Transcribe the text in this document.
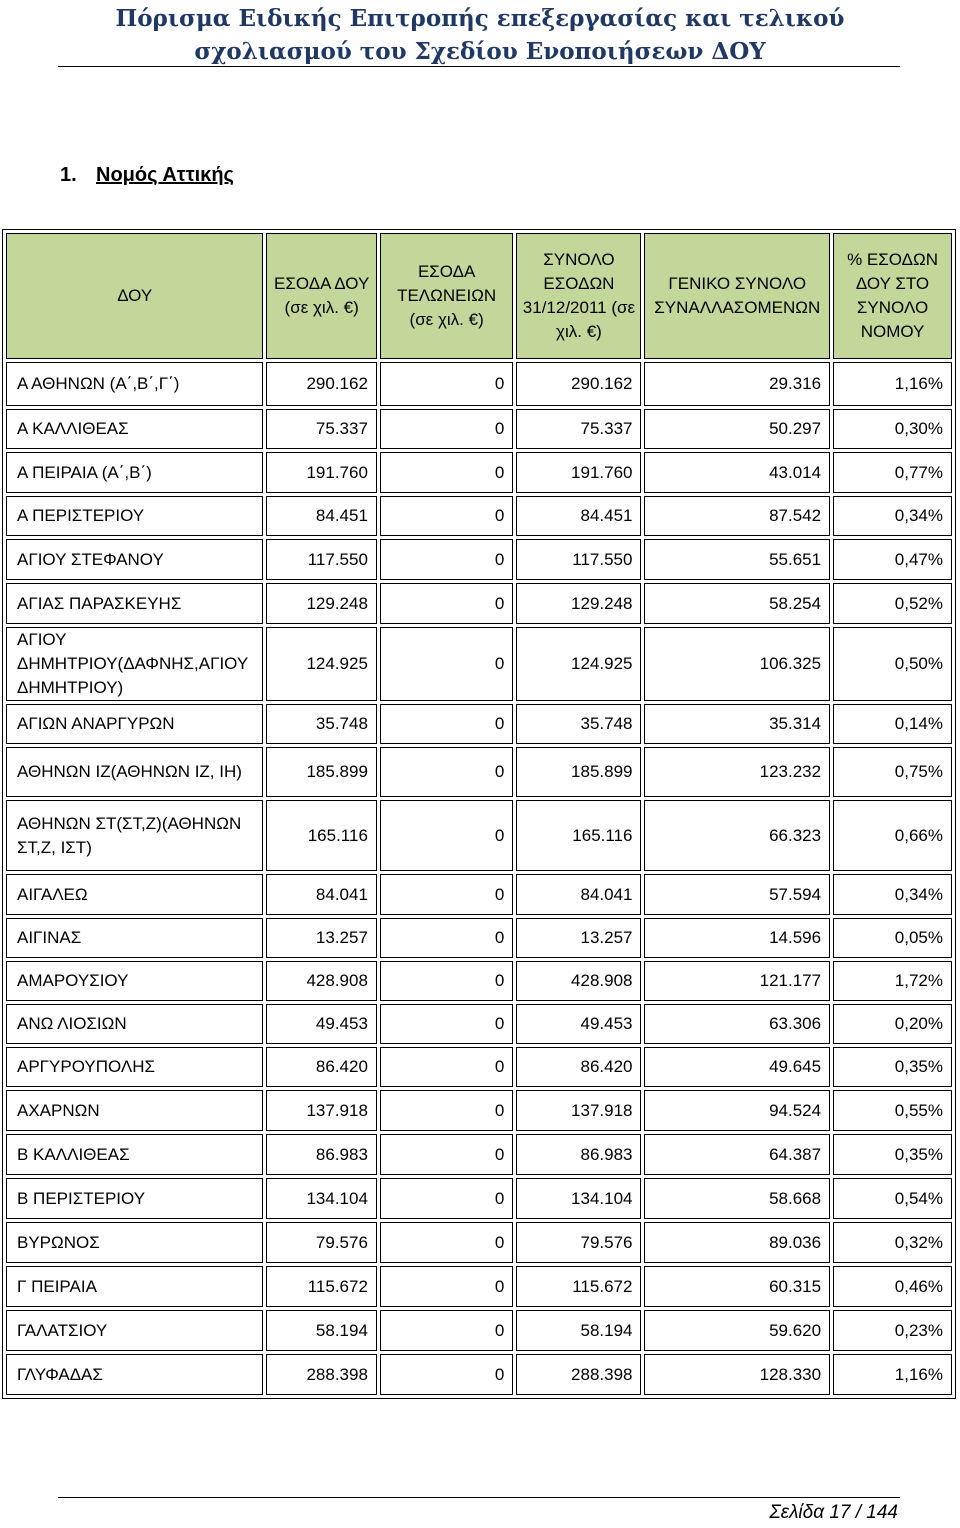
Πόρισμα Ειδικής Επιτροπής επεξεργασίας και τελικού
σχολιασμού του Σχεδίου Ενοποιήσεων ΔΟΥ
1. Νομός Αττικής
ΔΟΥ	ΕΣΟΔΑ ΔΟΥ (σε χιλ. €)	ΕΣΟΔΑ ΤΕΛΩΝΕΙΩΝ (σε χιλ. €)	ΣΥΝΟΛΟ ΕΣΟΔΩΝ 31/12/2011 (σε χιλ. €)	ΓΕΝΙΚΟ ΣΥΝΟΛΟ ΣΥΝΑΛΛΑΣΟΜΕΝΩΝ	% ΕΣΟΔΩΝ ΔΟΥ ΣΤΟ ΣΥΝΟΛΟ ΝΟΜΟΥ
Α ΑΘΗΝΩΝ (Α΄,Β΄,Γ΄)	290.162	0	290.162	29.316	1,16%
Α ΚΑΛΛΙΘΕΑΣ	75.337	0	75.337	50.297	0,30%
Α ΠΕΙΡΑΙΑ (Α΄,Β΄)	191.760	0	191.760	43.014	0,77%
Α ΠΕΡΙΣΤΕΡΙΟΥ	84.451	0	84.451	87.542	0,34%
ΑΓΙΟΥ ΣΤΕΦΑΝΟΥ	117.550	0	117.550	55.651	0,47%
ΑΓΙΑΣ ΠΑΡΑΣΚΕΥΗΣ	129.248	0	129.248	58.254	0,52%
ΑΓΙΟΥ ΔΗΜΗΤΡΙΟΥ(ΔΑΦΝΗΣ,ΑΓΙΟΥ ΔΗΜΗΤΡΙΟΥ)	124.925	0	124.925	106.325	0,50%
ΑΓΙΩΝ ΑΝΑΡΓΥΡΩΝ	35.748	0	35.748	35.314	0,14%
ΑΘΗΝΩΝ ΙΖ(ΑΘΗΝΩΝ ΙΖ, ΙΗ)	185.899	0	185.899	123.232	0,75%
ΑΘΗΝΩΝ ΣΤ(ΣΤ,Ζ)(ΑΘΗΝΩΝ ΣΤ,Ζ, ΙΣΤ)	165.116	0	165.116	66.323	0,66%
ΑΙΓΑΛΕΩ	84.041	0	84.041	57.594	0,34%
ΑΙΓΙΝΑΣ	13.257	0	13.257	14.596	0,05%
ΑΜΑΡΟΥΣΙΟΥ	428.908	0	428.908	121.177	1,72%
ΑΝΩ ΛΙΟΣΙΩΝ	49.453	0	49.453	63.306	0,20%
ΑΡΓΥΡΟΥΠΟΛΗΣ	86.420	0	86.420	49.645	0,35%
ΑΧΑΡΝΩΝ	137.918	0	137.918	94.524	0,55%
Β ΚΑΛΛΙΘΕΑΣ	86.983	0	86.983	64.387	0,35%
Β ΠΕΡΙΣΤΕΡΙΟΥ	134.104	0	134.104	58.668	0,54%
ΒΥΡΩΝΟΣ	79.576	0	79.576	89.036	0,32%
Γ ΠΕΙΡΑΙΑ	115.672	0	115.672	60.315	0,46%
ΓΑΛΑΤΣΙΟΥ	58.194	0	58.194	59.620	0,23%
ΓΛΥΦΑΔΑΣ	288.398	0	288.398	128.330	1,16%
Σελίδα 17 / 144
